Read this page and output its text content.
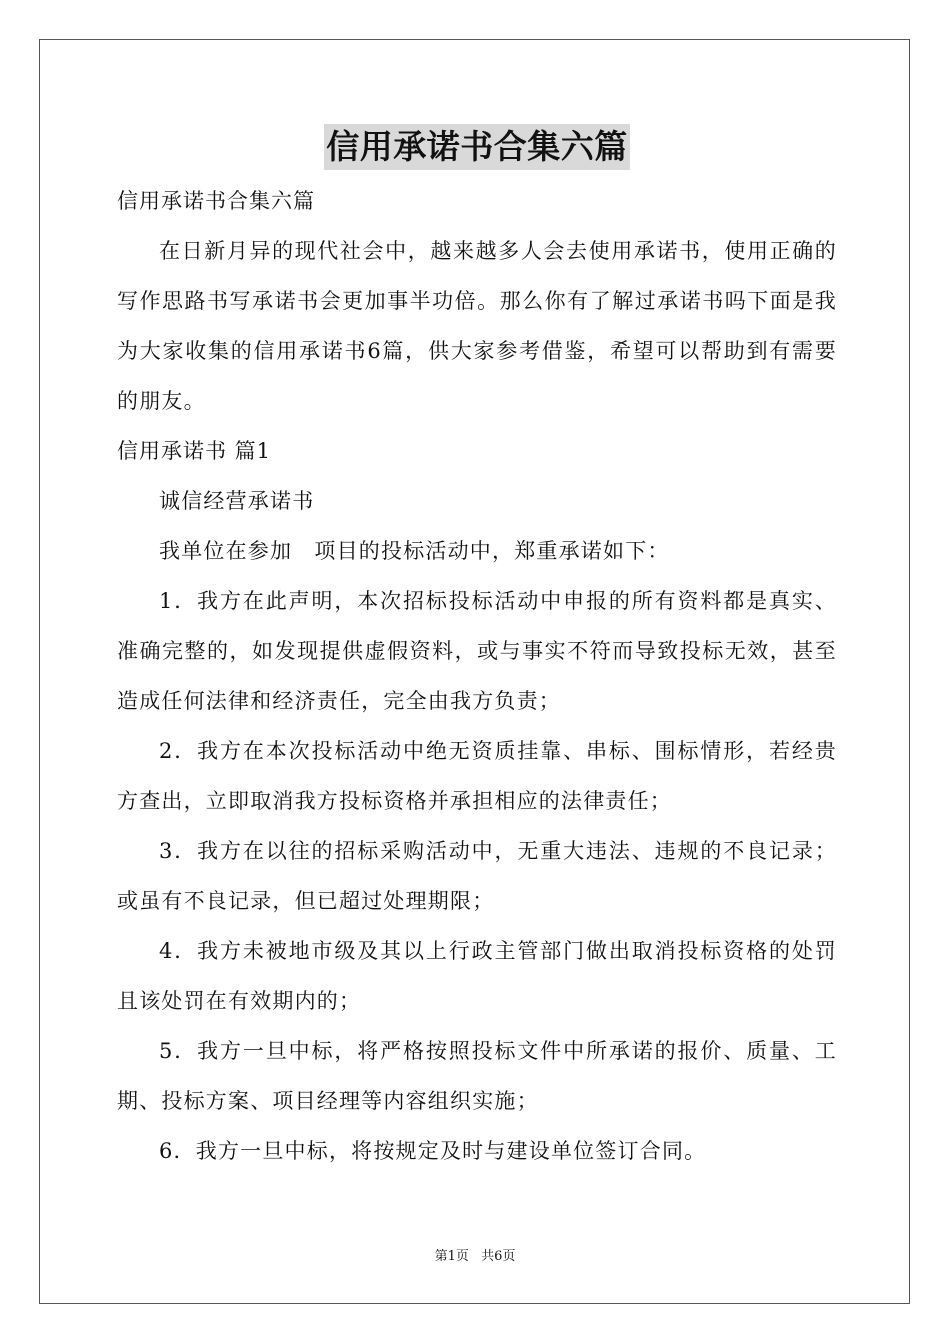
信用承诺书合集六篇

信用承诺书合集六篇

在日新月异的现代社会中，越来越多人会去使用承诺书，使用正确的写作思路书写承诺书会更加事半功倍。那么你有了解过承诺书吗下面是我为大家收集的信用承诺书6篇，供大家参考借鉴，希望可以帮助到有需要的朋友。

信用承诺书 篇1

诚信经营承诺书

我单位在参加　项目的投标活动中，郑重承诺如下：

1．我方在此声明，本次招标投标活动中申报的所有资料都是真实、准确完整的，如发现提供虚假资料，或与事实不符而导致投标无效，甚至造成任何法律和经济责任，完全由我方负责；

2．我方在本次投标活动中绝无资质挂靠、串标、围标情形，若经贵方查出，立即取消我方投标资格并承担相应的法律责任；

3．我方在以往的招标采购活动中，无重大违法、违规的不良记录；或虽有不良记录，但已超过处理期限；

4．我方未被地市级及其以上行政主管部门做出取消投标资格的处罚且该处罚在有效期内的；

5．我方一旦中标，将严格按照投标文件中所承诺的报价、质量、工期、投标方案、项目经理等内容组织实施；

6．我方一旦中标，将按规定及时与建设单位签订合同。

第1页 共6页
